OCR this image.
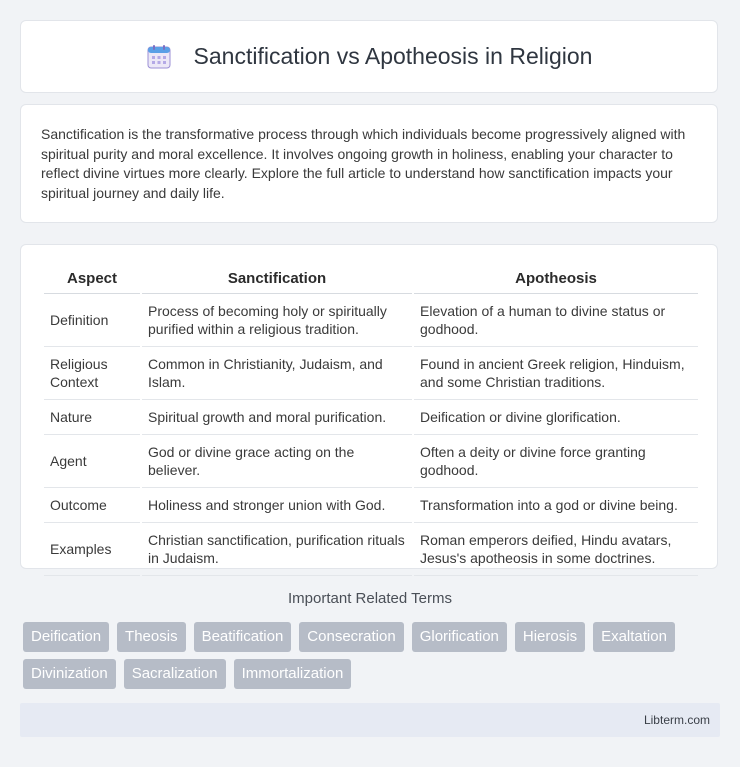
Sanctification vs Apotheosis in Religion

Sanctification is the transformative process through which individuals become progressively aligned with spiritual purity and moral excellence. It involves ongoing growth in holiness, enabling your character to reflect divine virtues more clearly. Explore the full article to understand how sanctification impacts your spiritual journey and daily life.

Aspect	Sanctification	Apotheosis
Definition	Process of becoming holy or spiritually purified within a religious tradition.	Elevation of a human to divine status or godhood.
Religious Context	Common in Christianity, Judaism, and Islam.	Found in ancient Greek religion, Hinduism, and some Christian traditions.
Nature	Spiritual growth and moral purification.	Deification or divine glorification.
Agent	God or divine grace acting on the believer.	Often a deity or divine force granting godhood.
Outcome	Holiness and stronger union with God.	Transformation into a god or divine being.
Examples	Christian sanctification, purification rituals in Judaism.	Roman emperors deified, Hindu avatars, Jesus's apotheosis in some doctrines.
Important Related Terms
Deification	Theosis	Beatification	Consecration	Glorification	Hierosis	Exaltation
Divinization	Sacralization	Immortalization
Libterm.com
